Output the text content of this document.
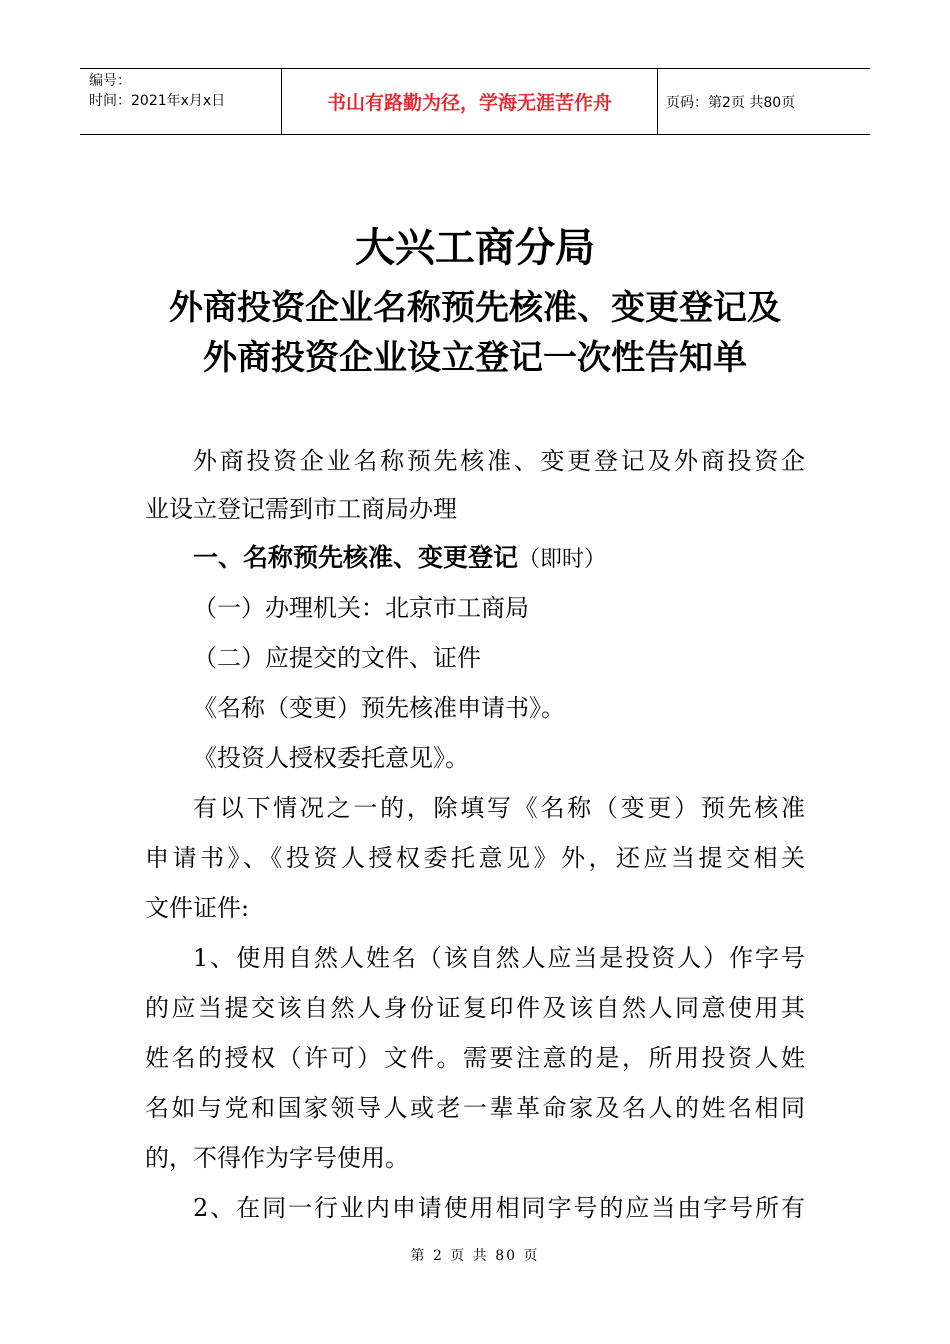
编号：
时间：2021年x月x日	书山有路勤为径，学海无涯苦作舟	页码：第2页 共80页
大兴工商分局
外商投资企业名称预先核准、变更登记及
外商投资企业设立登记一次性告知单
外商投资企业名称预先核准、变更登记及外商投资企
业设立登记需到市工商局办理
一、名称预先核准、变更登记（即时）
（一）办理机关：北京市工商局
（二）应提交的文件、证件
《名称（变更）预先核准申请书》。
《投资人授权委托意见》。
有以下情况之一的，除填写《名称（变更）预先核准
申请书》、《投资人授权委托意见》外，还应当提交相关
文件证件:
1、使用自然人姓名（该自然人应当是投资人）作字号
的应当提交该自然人身份证复印件及该自然人同意使用其
姓名的授权（许可）文件。需要注意的是，所用投资人姓
名如与党和国家领导人或老一辈革命家及名人的姓名相同
的，不得作为字号使用。
2、在同一行业内申请使用相同字号的应当由字号所有
第 2 页 共 80 页
